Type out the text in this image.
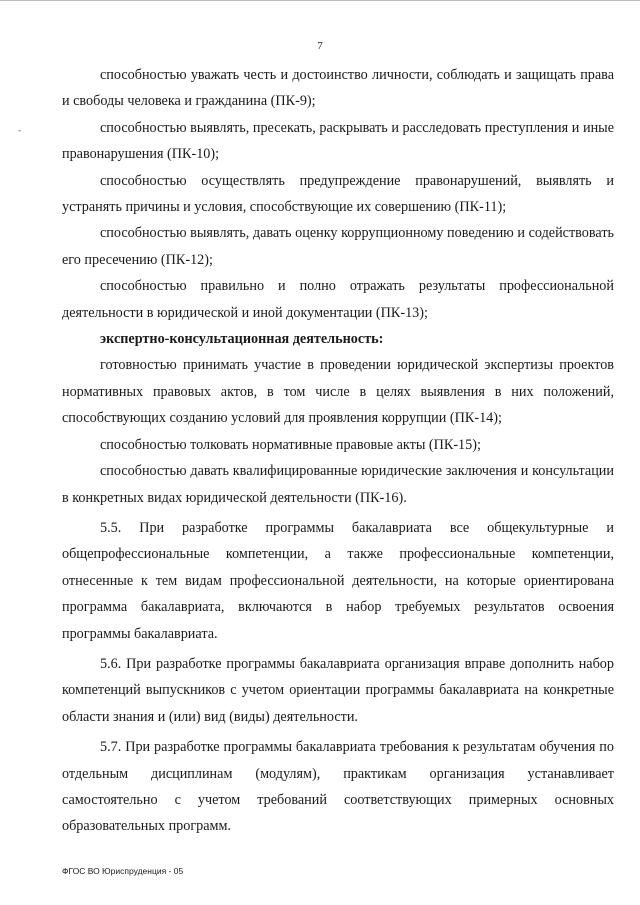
7
-

способностью уважать честь и достоинство личности, соблюдать и защищать права и свободы человека и гражданина (ПК-9);

способностью выявлять, пресекать, раскрывать и расследовать преступления и иные правонарушения (ПК-10);

способностью осуществлять предупреждение правонарушений, выявлять и устранять причины и условия, способствующие их совершению (ПК-11);

способностью выявлять, давать оценку коррупционному поведению и содействовать его пресечению (ПК-12);

способностью правильно и полно отражать результаты профессиональной деятельности в юридической и иной документации (ПК-13);

экспертно-консультационная деятельность:

готовностью принимать участие в проведении юридической экспертизы проектов нормативных правовых актов, в том числе в целях выявления в них положений, способствующих созданию условий для проявления коррупции (ПК-14);

способностью толковать нормативные правовые акты (ПК-15);

способностью давать квалифицированные юридические заключения и консультации в конкретных видах юридической деятельности (ПК-16).

5.5. При разработке программы бакалавриата все общекультурные и общепрофессиональные компетенции, а также профессиональные компетенции, отнесенные к тем видам профессиональной деятельности, на которые ориентирована программа бакалавриата, включаются в набор требуемых результатов освоения программы бакалавриата.

5.6. При разработке программы бакалавриата организация вправе дополнить набор компетенций выпускников с учетом ориентации программы бакалавриата на конкретные области знания и (или) вид (виды) деятельности.

5.7. При разработке программы бакалавриата требования к результатам обучения по отдельным дисциплинам (модулям), практикам организация устанавливает самостоятельно с учетом требований соответствующих примерных основных образовательных программ.

ФГОС ВО Юриспруденция - 05
